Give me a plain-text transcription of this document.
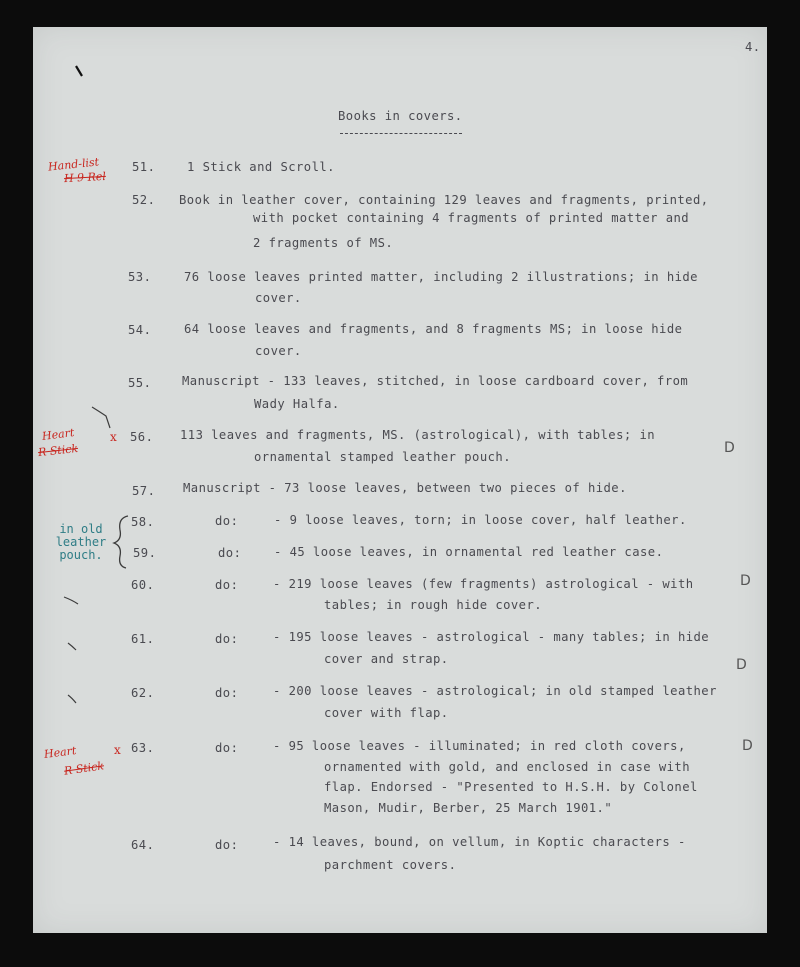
4.
Books in covers.
51.	1 Stick and Scroll.
52. Book in leather cover, containing 129 leaves and fragments, printed,
with pocket containing 4 fragments of printed matter and
2 fragments of MS.
53.	76 loose leaves printed matter, including 2 illustrations; in hide
cover.
54.	64 loose leaves and fragments, and 8 fragments MS; in loose hide
cover.
55.	Manuscript - 133 leaves, stitched, in loose cardboard cover, from
Wady Halfa.
56. 113 leaves and fragments, MS. (astrological), with tables; in
ornamental stamped leather pouch.
57. Manuscript - 73 loose leaves, between two pieces of hide.
58.	do:	- 9 loose leaves, torn; in loose cover, half leather.
59.	do:	- 45 loose leaves, in ornamental red leather case.
60.	do:	- 219 loose leaves (few fragments) astrological - with
tables; in rough hide cover.
61.	do:	- 195 loose leaves - astrological - many tables; in hide
cover and strap.
62.	do:	- 200 loose leaves - astrological; in old stamped leather
cover with flap.
63.	do:	- 95 loose leaves - illuminated; in red cloth covers,
ornamented with gold, and enclosed in case with
flap. Endorsed - "Presented to H.S.H. by Colonel
Mason, Mudir, Berber, 25 March 1901."
64.	do:	- 14 leaves, bound, on vellum, in Koptic characters -
parchment covers.
Hand-list
H 9 Rel
Heart
R Stick
x
Heart
R Stick
x
in old
leather
pouch.
D
D
D
D
